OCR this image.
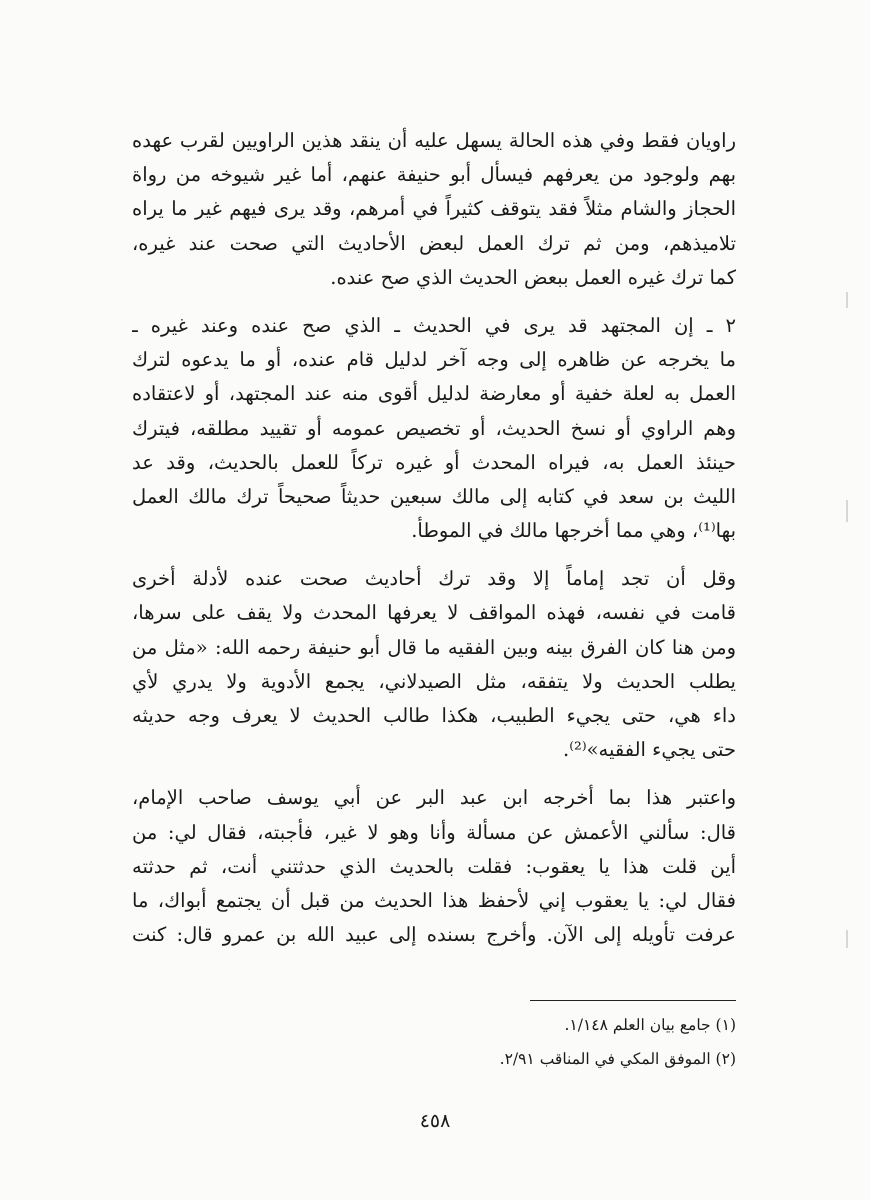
راويان فقط وفي هذه الحالة يسهل عليه أن ينقد هذين الراويين لقرب عهده
بهم ولوجود من يعرفهم فيسأل أبو حنيفة عنهم، أما غير شيوخه من رواة
الحجاز والشام مثلاً فقد يتوقف كثيراً في أمرهم، وقد يرى فيهم غير ما يراه
تلاميذهم، ومن ثم ترك العمل لبعض الأحاديث التي صحت عند غيره،
كما ترك غيره العمل ببعض الحديث الذي صح عنده.
٢ ـ إن المجتهد قد يرى في الحديث ـ الذي صح عنده وعند غيره ـ
ما يخرجه عن ظاهره إلى وجه آخر لدليل قام عنده، أو ما يدعوه لترك
العمل به لعلة خفية أو معارضة لدليل أقوى منه عند المجتهد، أو لاعتقاده
وهم الراوي أو نسخ الحديث، أو تخصيص عمومه أو تقييد مطلقه، فيترك
حينئذ العمل به، فيراه المحدث أو غيره تركاً للعمل بالحديث، وقد عد
الليث بن سعد في كتابه إلى مالك سبعين حديثاً صحيحاً ترك مالك العمل
بها⁽¹⁾، وهي مما أخرجها مالك في الموطأ.
وقل أن تجد إماماً إلا وقد ترك أحاديث صحت عنده لأدلة أخرى
قامت في نفسه، فهذه المواقف لا يعرفها المحدث ولا يقف على سرها،
ومن هنا كان الفرق بينه وبين الفقيه ما قال أبو حنيفة رحمه الله: «مثل من
يطلب الحديث ولا يتفقه، مثل الصيدلاني، يجمع الأدوية ولا يدري لأي
داء هي، حتى يجيء الطبيب، هكذا طالب الحديث لا يعرف وجه حديثه
حتى يجيء الفقيه»⁽²⁾.
واعتبر هذا بما أخرجه ابن عبد البر عن أبي يوسف صاحب الإمام،
قال: سألني الأعمش عن مسألة وأنا وهو لا غير، فأجبته، فقال لي: من
أين قلت هذا يا يعقوب: فقلت بالحديث الذي حدثتني أنت، ثم حدثته
فقال لي: يا يعقوب إني لأحفظ هذا الحديث من قبل أن يجتمع أبواك، ما
عرفت تأويله إلى الآن. وأخرج بسنده إلى عبيد الله بن عمرو قال: كنت
(١) جامع بيان العلم ١/١٤٨.
(٢) الموفق المكي في المناقب ٢/٩١.
٤٥٨
